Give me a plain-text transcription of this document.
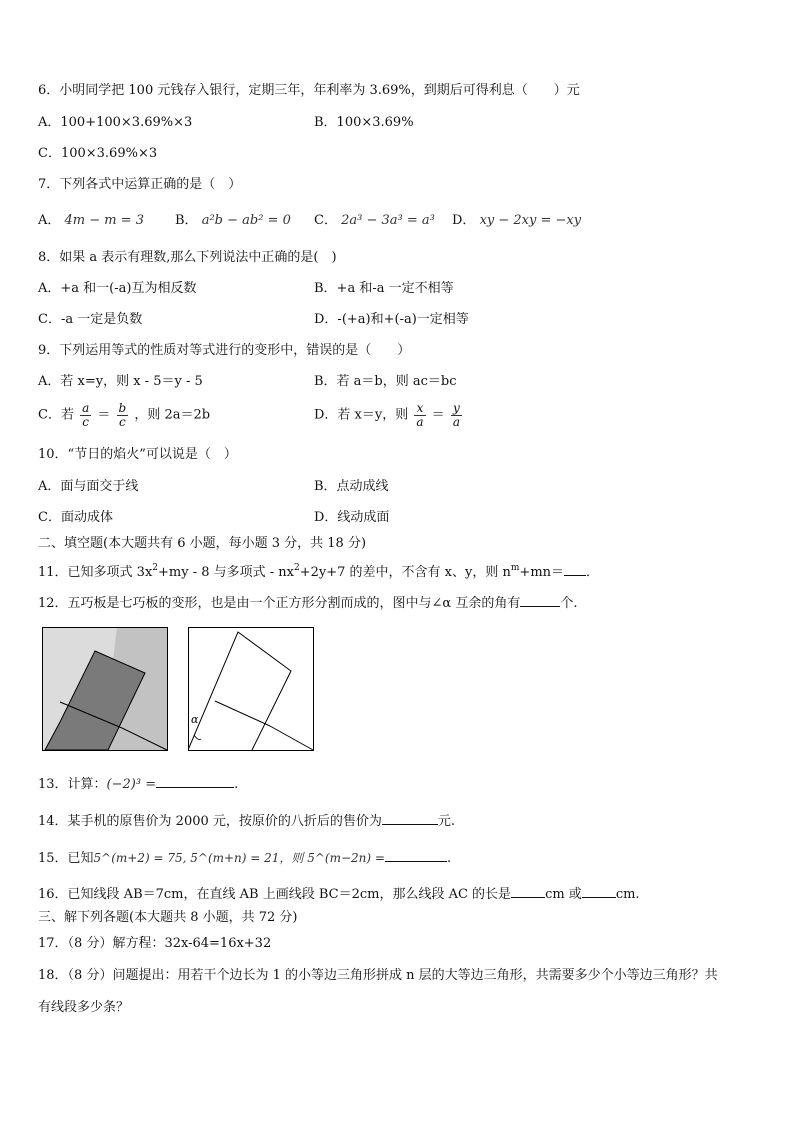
6．小明同学把 100 元钱存入银行，定期三年，年利率为 3.69%，到期后可得利息（　　）元
A．100+100×3.69%×3	B．100×3.69%
C．100×3.69%×3
7．下列各式中运算正确的是（　）
A． 4m − m = 3 B． a²b − ab² = 0 C． 2a³ − 3a³ = a³ D． xy − 2xy = −xy
8．如果 a 表示有理数,那么下列说法中正确的是(　)
A．+a 和一(-a)互为相反数	B．+a 和-a 一定不相等
C．-a 一定是负数	D．-(+a)和+(-a)一定相等
9．下列运用等式的性质对等式进行的变形中，错误的是（　　）
A．若 x=y，则 x - 5＝y - 5	B．若 a＝b，则 ac＝bc
C．若 $\frac{a}{c} = \frac{b}{c}$ ，则 2a＝2b	D．若 x＝y，则 $\frac{x}{a} = \frac{y}{a}$
10．“节日的焰火”可以说是（　）
A．面与面交于线	B．点动成线
C．面动成体	D．线动成面
二、填空题(本大题共有 6 小题，每小题 3 分，共 18 分)
11．已知多项式 $3x^2+my - 8$ 与多项式 - $nx^2+2y+7$ 的差中，不含有 x、y，则 $n^m+mn=$ ．
12．五巧板是七巧板的变形，也是由一个正方形分割而成的，图中与∠α 互余的角有	个.
α
13．计算：(−2)³ =	.
14．某手机的原售价为 2000 元，按原价的八折后的售价为	元.
15．已知5^(m+2) = 75, 5^(m+n) = 21，则 5^(m−2n) =	.
16．已知线段 AB＝7cm，在直线 AB 上画线段 BC＝2cm，那么线段 AC 的长是	cm 或	cm.
三、解下列各题(本大题共 8 小题，共 72 分)
17．（8 分）解方程：32x-64=16x+32
18．（8 分）问题提出：用若干个边长为 1 的小等边三角形拼成 n 层的大等边三角形，共需要多少个小等边三角形？共
有线段多少条？
